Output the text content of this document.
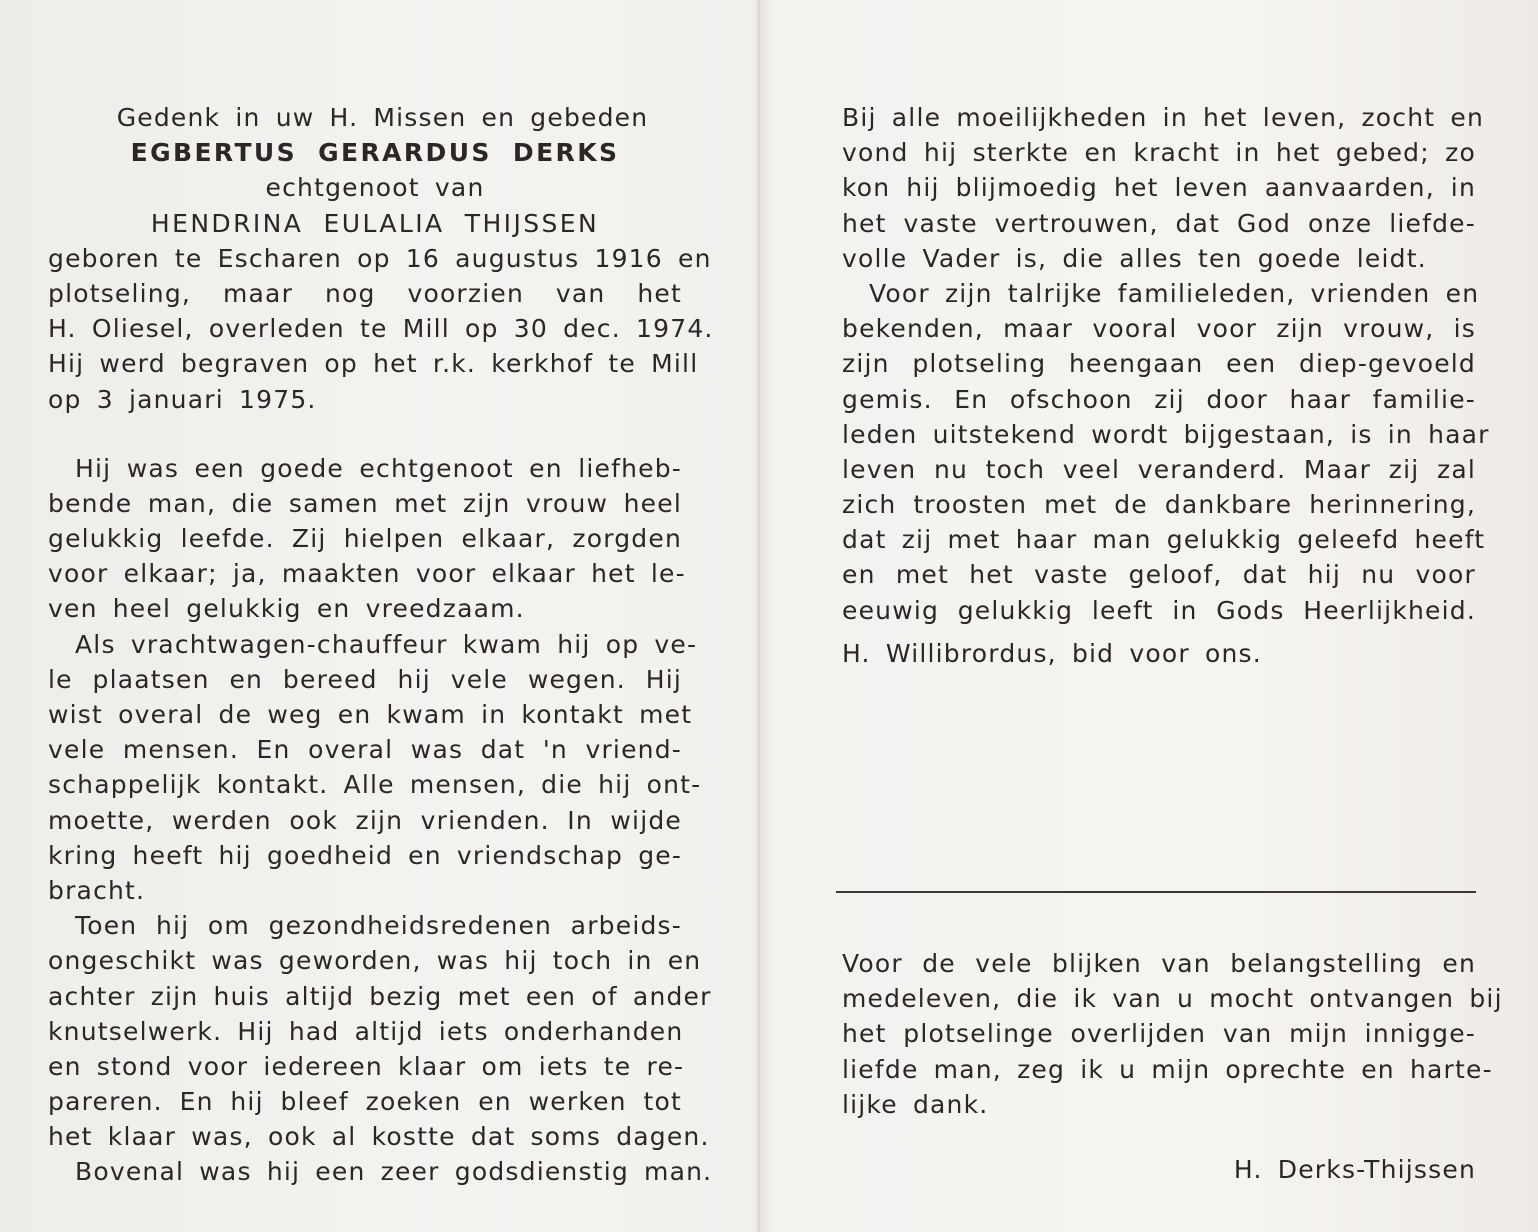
Gedenk in uw H. Missen en gebeden
EGBERTUS GERARDUS DERKS
echtgenoot van
HENDRINA EULALIA THIJSSEN
geboren te Escharen op 16 augustus 1916 en
plotseling, maar nog voorzien van het
H. Oliesel, overleden te Mill op 30 dec. 1974.
Hij werd begraven op het r.k. kerkhof te Mill
op 3 januari 1975.
Hij was een goede echtgenoot en liefheb-
bende man, die samen met zijn vrouw heel
gelukkig leefde. Zij hielpen elkaar, zorgden
voor elkaar; ja, maakten voor elkaar het le-
ven heel gelukkig en vreedzaam.
Als vrachtwagen-chauffeur kwam hij op ve-
le plaatsen en bereed hij vele wegen. Hij
wist overal de weg en kwam in kontakt met
vele mensen. En overal was dat 'n vriend-
schappelijk kontakt. Alle mensen, die hij ont-
moette, werden ook zijn vrienden. In wijde
kring heeft hij goedheid en vriendschap ge-
bracht.
Toen hij om gezondheidsredenen arbeids-
ongeschikt was geworden, was hij toch in en
achter zijn huis altijd bezig met een of ander
knutselwerk. Hij had altijd iets onderhanden
en stond voor iedereen klaar om iets te re-
pareren. En hij bleef zoeken en werken tot
het klaar was, ook al kostte dat soms dagen.
Bovenal was hij een zeer godsdienstig man.
Bij alle moeilijkheden in het leven, zocht en
vond hij sterkte en kracht in het gebed; zo
kon hij blijmoedig het leven aanvaarden, in
het vaste vertrouwen, dat God onze liefde-
volle Vader is, die alles ten goede leidt.
Voor zijn talrijke familieleden, vrienden en
bekenden, maar vooral voor zijn vrouw, is
zijn plotseling heengaan een diep-gevoeld
gemis. En ofschoon zij door haar familie-
leden uitstekend wordt bijgestaan, is in haar
leven nu toch veel veranderd. Maar zij zal
zich troosten met de dankbare herinnering,
dat zij met haar man gelukkig geleefd heeft
en met het vaste geloof, dat hij nu voor
eeuwig gelukkig leeft in Gods Heerlijkheid.
H. Willibrordus, bid voor ons.
Voor de vele blijken van belangstelling en
medeleven, die ik van u mocht ontvangen bij
het plotselinge overlijden van mijn innigge-
liefde man, zeg ik u mijn oprechte en harte-
lijke dank.
H. Derks-Thijssen
